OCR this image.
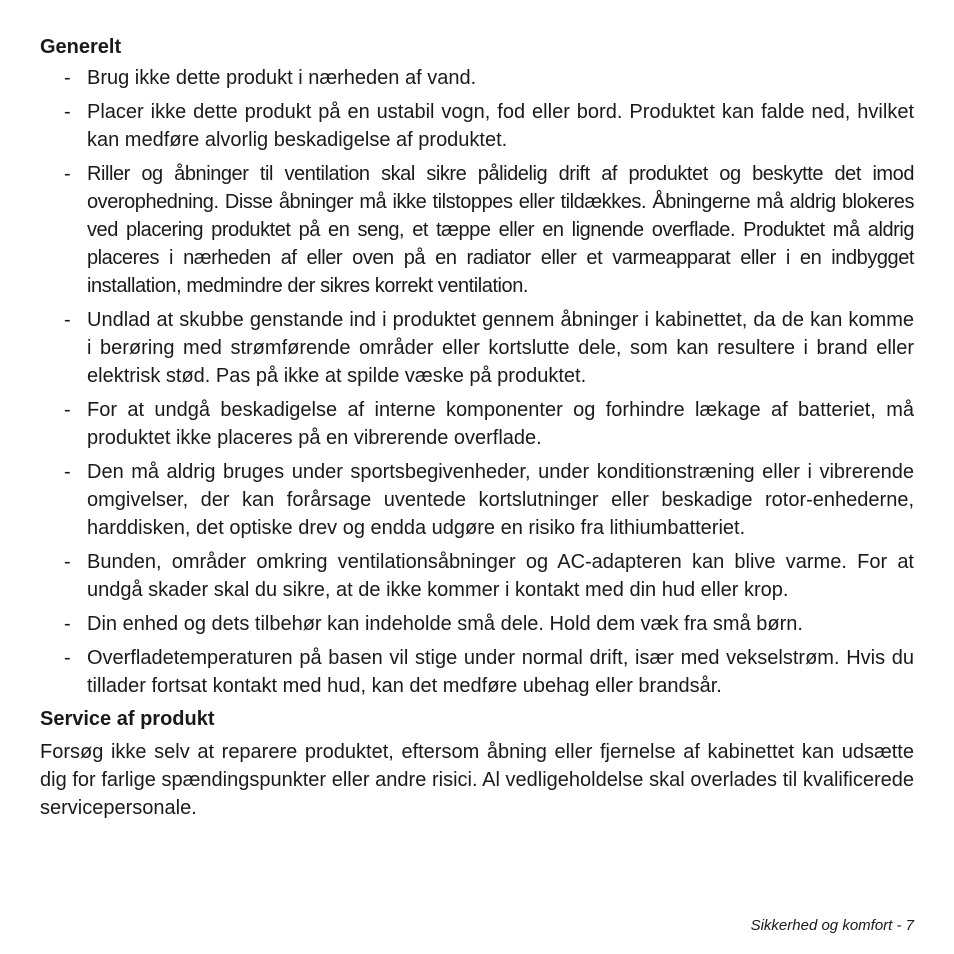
Generelt
- Brug ikke dette produkt i nærheden af vand.
- Placer ikke dette produkt på en ustabil vogn, fod eller bord. Produktet kan falde ned, hvilket kan medføre alvorlig beskadigelse af produktet.
- Riller og åbninger til ventilation skal sikre pålidelig drift af produktet og beskytte det imod overophedning. Disse åbninger må ikke tilstoppes eller tildækkes. Åbningerne må aldrig blokeres ved placering produktet på en seng, et tæppe eller en lignende overflade. Produktet må aldrig placeres i nærheden af eller oven på en radiator eller et varmeapparat eller i en indbygget installation, medmindre der sikres korrekt ventilation.
- Undlad at skubbe genstande ind i produktet gennem åbninger i kabinettet, da de kan komme i berøring med strømførende områder eller kortslutte dele, som kan resultere i brand eller elektrisk stød. Pas på ikke at spilde væske på produktet.
- For at undgå beskadigelse af interne komponenter og forhindre lækage af batteriet, må produktet ikke placeres på en vibrerende overflade.
- Den må aldrig bruges under sportsbegivenheder, under konditionstræning eller i vibrerende omgivelser, der kan forårsage uventede kortslutninger eller beskadige rotor-enhederne, harddisken, det optiske drev og endda udgøre en risiko fra lithiumbatteriet.
- Bunden, områder omkring ventilationsåbninger og AC-adapteren kan blive varme. For at undgå skader skal du sikre, at de ikke kommer i kontakt med din hud eller krop.
- Din enhed og dets tilbehør kan indeholde små dele. Hold dem væk fra små børn.
- Overfladetemperaturen på basen vil stige under normal drift, især med vekselstrøm. Hvis du tillader fortsat kontakt med hud, kan det medføre ubehag eller brandsår.
Service af produkt

Forsøg ikke selv at reparere produktet, eftersom åbning eller fjernelse af kabinettet kan udsætte dig for farlige spændingspunkter eller andre risici. Al vedligeholdelse skal overlades til kvalificerede servicepersonale.

Sikkerhed og komfort - 7
